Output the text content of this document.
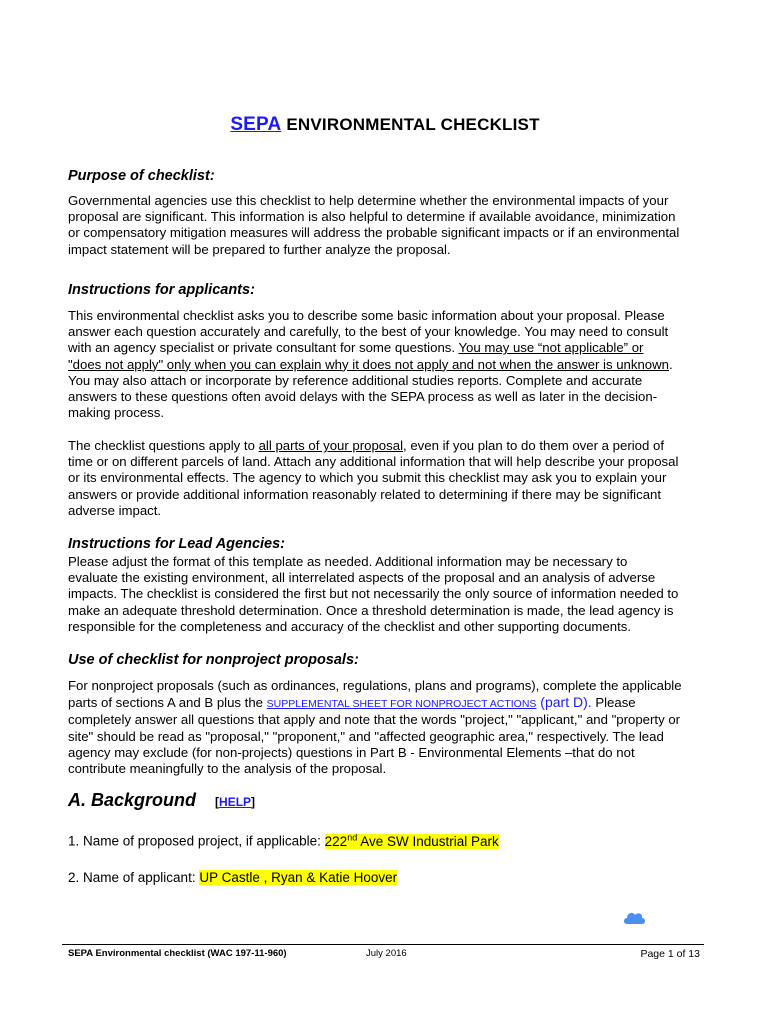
SEPA ENVIRONMENTAL CHECKLIST
Purpose of checklist:
Governmental agencies use this checklist to help determine whether the environmental impacts of your
proposal are significant. This information is also helpful to determine if available avoidance, minimization
or compensatory mitigation measures will address the probable significant impacts or if an environmental
impact statement will be prepared to further analyze the proposal.
Instructions for applicants:
This environmental checklist asks you to describe some basic information about your proposal. Please
answer each question accurately and carefully, to the best of your knowledge. You may need to consult
with an agency specialist or private consultant for some questions. You may use “not applicable” or
"does not apply" only when you can explain why it does not apply and not when the answer is unknown.
You may also attach or incorporate by reference additional studies reports. Complete and accurate
answers to these questions often avoid delays with the SEPA process as well as later in the decision-
making process.
The checklist questions apply to all parts of your proposal, even if you plan to do them over a period of
time or on different parcels of land. Attach any additional information that will help describe your proposal
or its environmental effects. The agency to which you submit this checklist may ask you to explain your
answers or provide additional information reasonably related to determining if there may be significant
adverse impact.
Instructions for Lead Agencies:
Please adjust the format of this template as needed. Additional information may be necessary to
evaluate the existing environment, all interrelated aspects of the proposal and an analysis of adverse
impacts. The checklist is considered the first but not necessarily the only source of information needed to
make an adequate threshold determination. Once a threshold determination is made, the lead agency is
responsible for the completeness and accuracy of the checklist and other supporting documents.
Use of checklist for nonproject proposals:
For nonproject proposals (such as ordinances, regulations, plans and programs), complete the applicable
parts of sections A and B plus the SUPPLEMENTAL SHEET FOR NONPROJECT ACTIONS (part D). Please
completely answer all questions that apply and note that the words "project," "applicant," and "property or
site" should be read as "proposal," "proponent," and "affected geographic area," respectively. The lead
agency may exclude (for non-projects) questions in Part B - Environmental Elements –that do not
contribute meaningfully to the analysis of the proposal.
A. Background [HELP]
1. Name of proposed project, if applicable: 222nd Ave SW Industrial Park
2. Name of applicant: UP Castle , Ryan & Katie Hoover
SEPA Environmental checklist (WAC 197-11-960)	July 2016	Page 1 of 13
